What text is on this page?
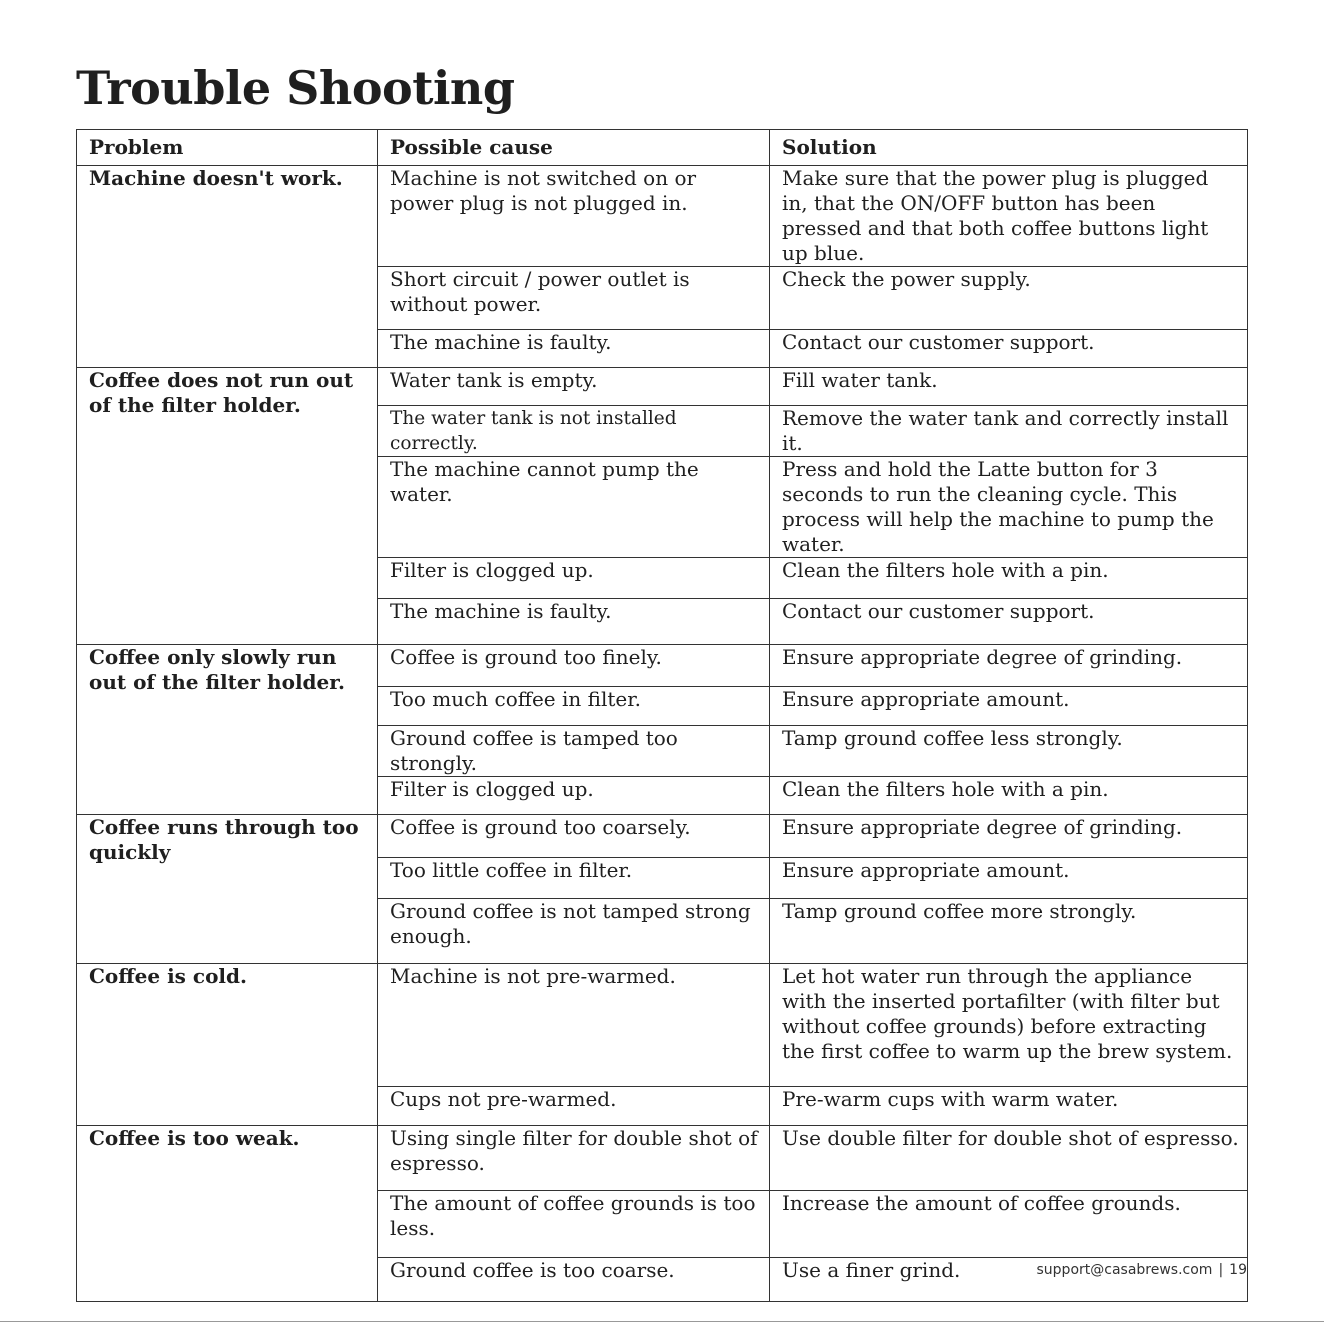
Trouble Shooting
Problem	Possible cause	Solution
Machine doesn't work.	Machine is not switched on or power plug is not plugged in.	Make sure that the power plug is plugged in, that the ON/OFF button has been pressed and that both coffee buttons light up blue.
	Short circuit / power outlet is without power.	Check the power supply.
	The machine is faulty.	Contact our customer support.
Coffee does not run out of the filter holder.	Water tank is empty.	Fill water tank.
	The water tank is not installed correctly.	Remove the water tank and correctly install it.
	The machine cannot pump the water.	Press and hold the Latte button for 3 seconds to run the cleaning cycle. This process will help the machine to pump the water.
	Filter is clogged up.	Clean the filters hole with a pin.
	The machine is faulty.	Contact our customer support.
Coffee only slowly run out of the filter holder.	Coffee is ground too finely.	Ensure appropriate degree of grinding.
	Too much coffee in filter.	Ensure appropriate amount.
	Ground coffee is tamped too strongly.	Tamp ground coffee less strongly.
	Filter is clogged up.	Clean the filters hole with a pin.
Coffee runs through too quickly	Coffee is ground too coarsely.	Ensure appropriate degree of grinding.
	Too little coffee in filter.	Ensure appropriate amount.
	Ground coffee is not tamped strong enough.	Tamp ground coffee more strongly.
Coffee is cold.	Machine is not pre-warmed.	Let hot water run through the appliance with the inserted portafilter (with filter but without coffee grounds) before extracting the first coffee to warm up the brew system.
	Cups not pre-warmed.	Pre-warm cups with warm water.
Coffee is too weak.	Using single filter for double shot of espresso.	Use double filter for double shot of espresso.
	The amount of coffee grounds is too less.	Increase the amount of coffee grounds.
	Ground coffee is too coarse.	Use a finer grind.	support@casabrews.com | 19
